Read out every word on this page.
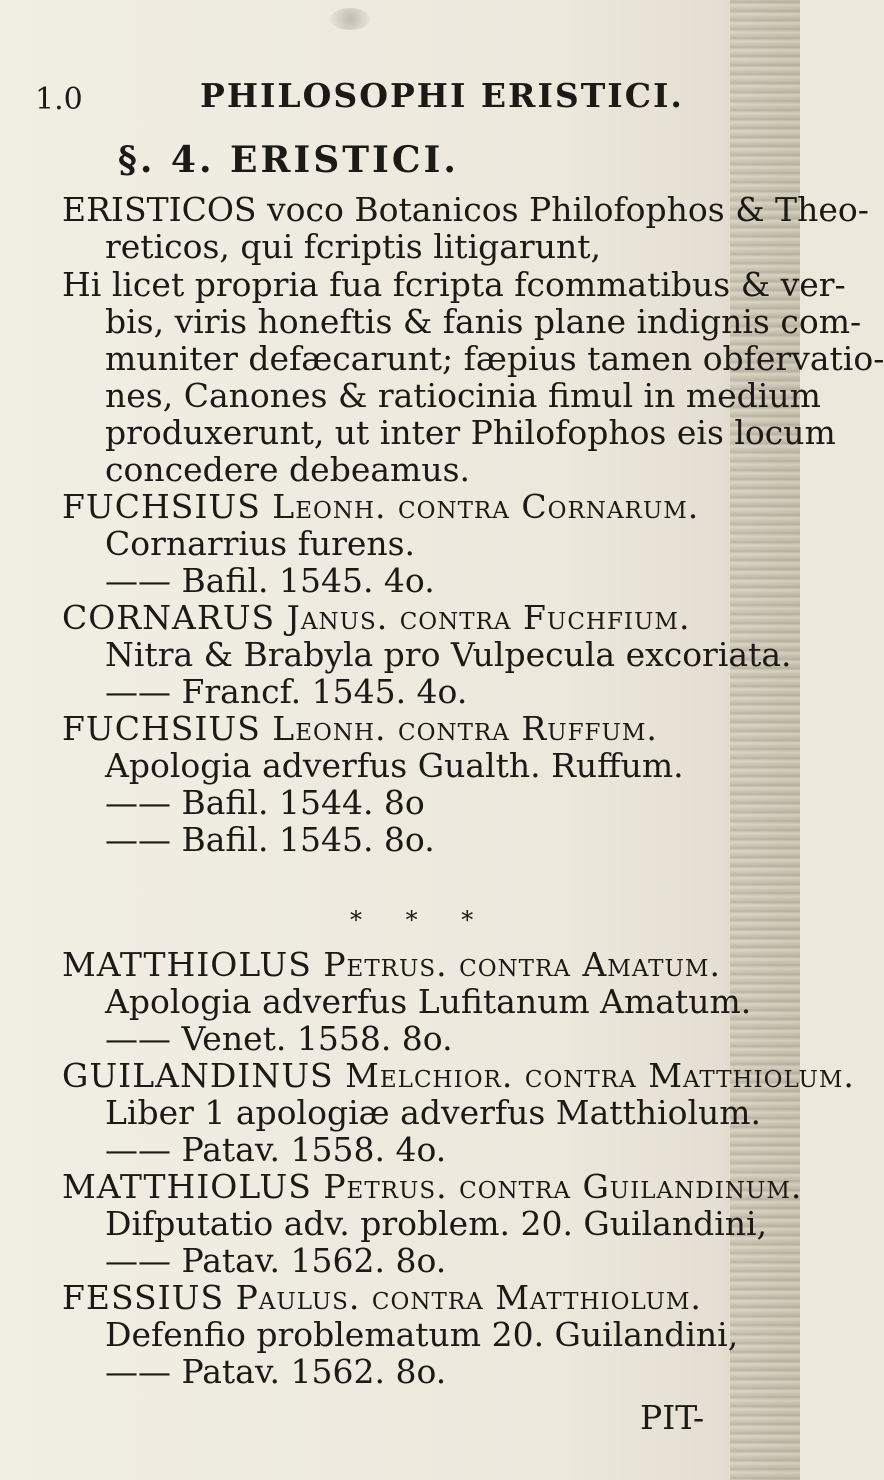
1.0	PHILOSOPHI ERISTICI.
§. 4. ERISTICI.
ERISTICOS voco Botanicos Philofophos & Theo-
reticos, qui fcriptis litigarunt,
Hi licet propria fua fcripta fcommatibus & ver-
bis, viris honeftis & fanis plane indignis com-
muniter defæcarunt; fæpius tamen obfervatio-
nes, Canones & ratiocinia fimul in medium
produxerunt, ut inter Philofophos eis locum
concedere debeamus.
FUCHSIUS Leonh. contra Cornarum.
Cornarrius furens.
—— Bafil. 1545. 4o.
CORNARUS Janus. contra Fuchfium.
Nitra & Brabyla pro Vulpecula excoriata.
—— Francf. 1545. 4o.
FUCHSIUS Leonh. contra Ruffum.
Apologia adverfus Gualth. Ruffum.
—— Bafil. 1544. 8o
—— Bafil. 1545. 8o.
* * *
MATTHIOLUS Petrus. contra Amatum.
Apologia adverfus Lufitanum Amatum.
—— Venet. 1558. 8o.
GUILANDINUS Melchior. contra Matthiolum.
Liber 1 apologiæ adverfus Matthiolum.
—— Patav. 1558. 4o.
MATTHIOLUS Petrus. contra Guilandinum.
Difputatio adv. problem. 20. Guilandini,
—— Patav. 1562. 8o.
FESSIUS Paulus. contra Matthiolum.
Defenfio problematum 20. Guilandini,
—— Patav. 1562. 8o.
PIT-
